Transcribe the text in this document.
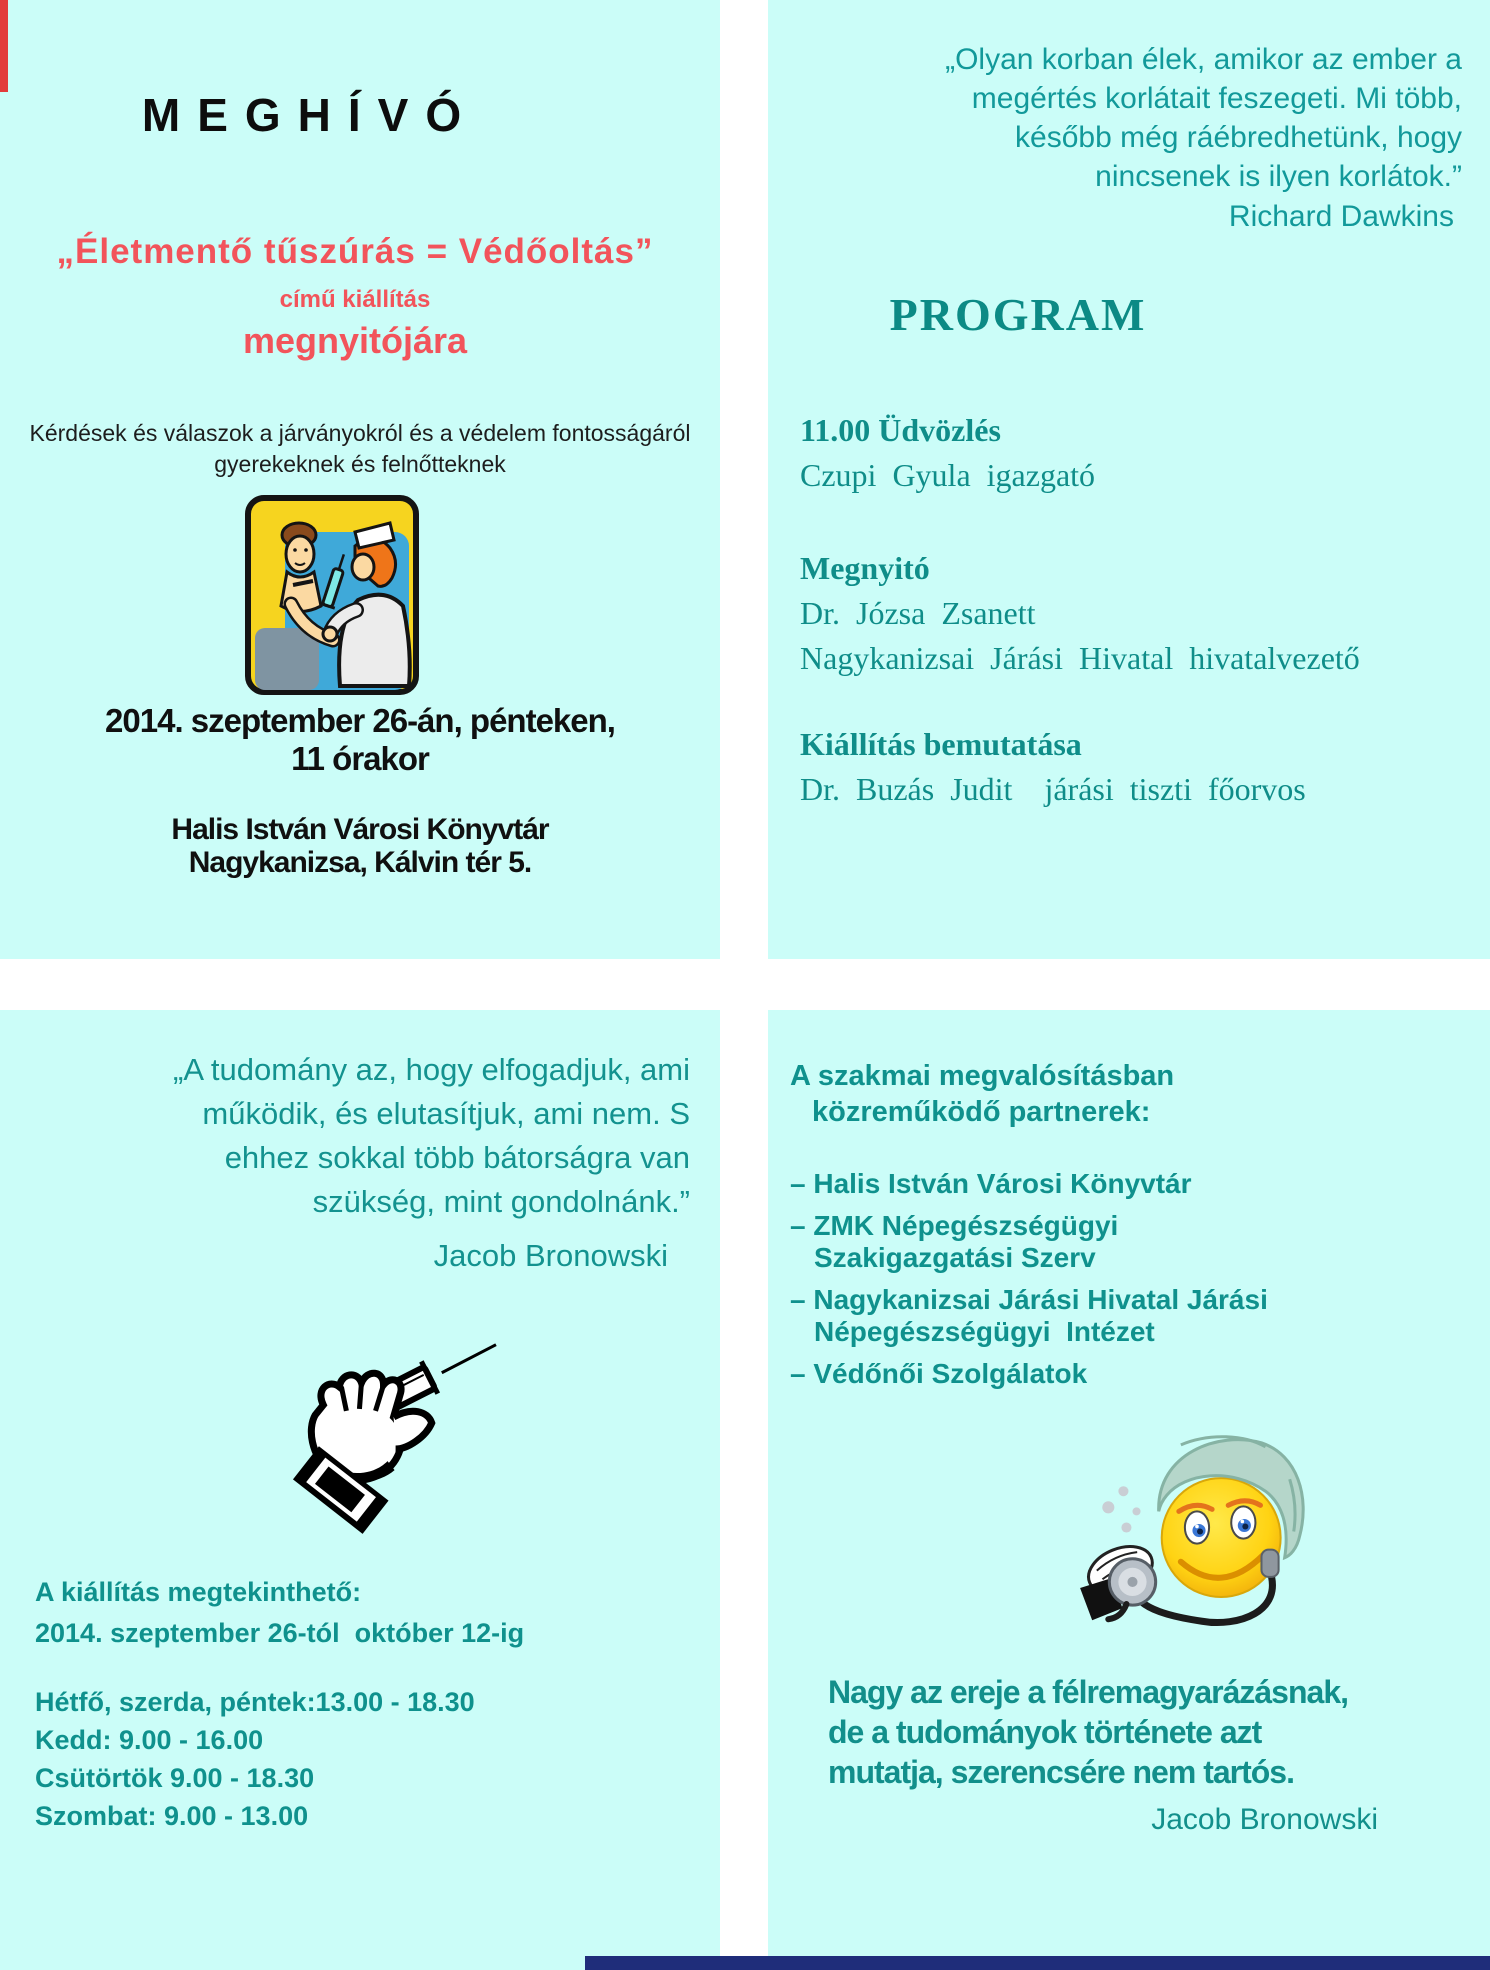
MEGHÍVÓ
„Életmentő tűszúrás = Védőoltás”
című kiállítás
megnyitójára
Kérdések és válaszok a járványokról és a védelem fontosságáról
gyerekeknek és felnőtteknek
2014. szeptember 26-án, pénteken,
11 órakor
Halis István Városi Könyvtár
Nagykanizsa, Kálvin tér 5.
„Olyan korban élek, amikor az ember a
megértés korlátait feszegeti. Mi több,
később még ráébredhetünk, hogy
nincsenek is ilyen korlátok.”
Richard Dawkins
PROGRAM
11.00 Üdvözlés
Czupi Gyula igazgató
Megnyitó
Dr. Józsa Zsanett
Nagykanizsai Járási Hivatal hivatalvezető
Kiállítás bemutatása
Dr. Buzás Judit  járási tiszti főorvos
„A tudomány az, hogy elfogadjuk, ami
működik, és elutasítjuk, ami nem. S
ehhez sokkal több bátorságra van
szükség, mint gondolnánk.”
Jacob Bronowski
A kiállítás megtekinthető:
2014. szeptember 26-tól  október 12-ig
Hétfő, szerda, péntek:13.00 - 18.30
Kedd: 9.00 - 16.00
Csütörtök 9.00 - 18.30
Szombat: 9.00 - 13.00
A szakmai megvalósításban
közreműködő partnerek:
– Halis István Városi Könyvtár
– ZMK Népegészségügyi
Szakigazgatási Szerv
– Nagykanizsai Járási Hivatal Járási
Népegészségügyi  Intézet
– Védőnői Szolgálatok
Nagy az ereje a félremagyarázásnak,
de a tudományok története azt
mutatja, szerencsére nem tartós.
Jacob Bronowski
